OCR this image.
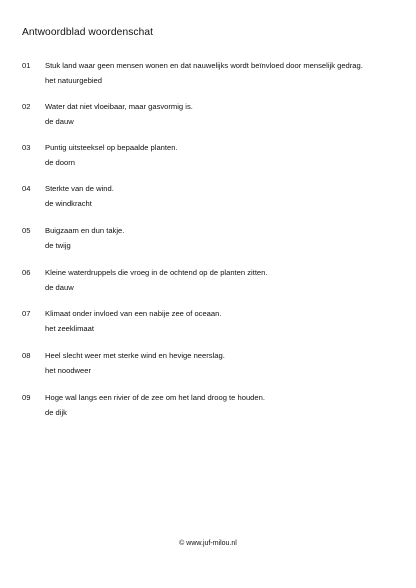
Antwoordblad woordenschat
01 Stuk land waar geen mensen wonen en dat nauwelijks wordt beïnvloed door menselijk gedrag.
het natuurgebied
02 Water dat niet vloeibaar, maar gasvormig is.
de dauw
03 Puntig uitsteeksel op bepaalde planten.
de doorn
04 Sterkte van de wind.
de windkracht
05 Buigzaam en dun takje.
de twijg
06 Kleine waterdruppels die vroeg in de ochtend op de planten zitten.
de dauw
07 Klimaat onder invloed van een nabije zee of oceaan.
het zeeklimaat
08 Heel slecht weer met sterke wind en hevige neerslag.
het noodweer
09 Hoge wal langs een rivier of de zee om het land droog te houden.
de dijk
© www.juf-milou.nl
